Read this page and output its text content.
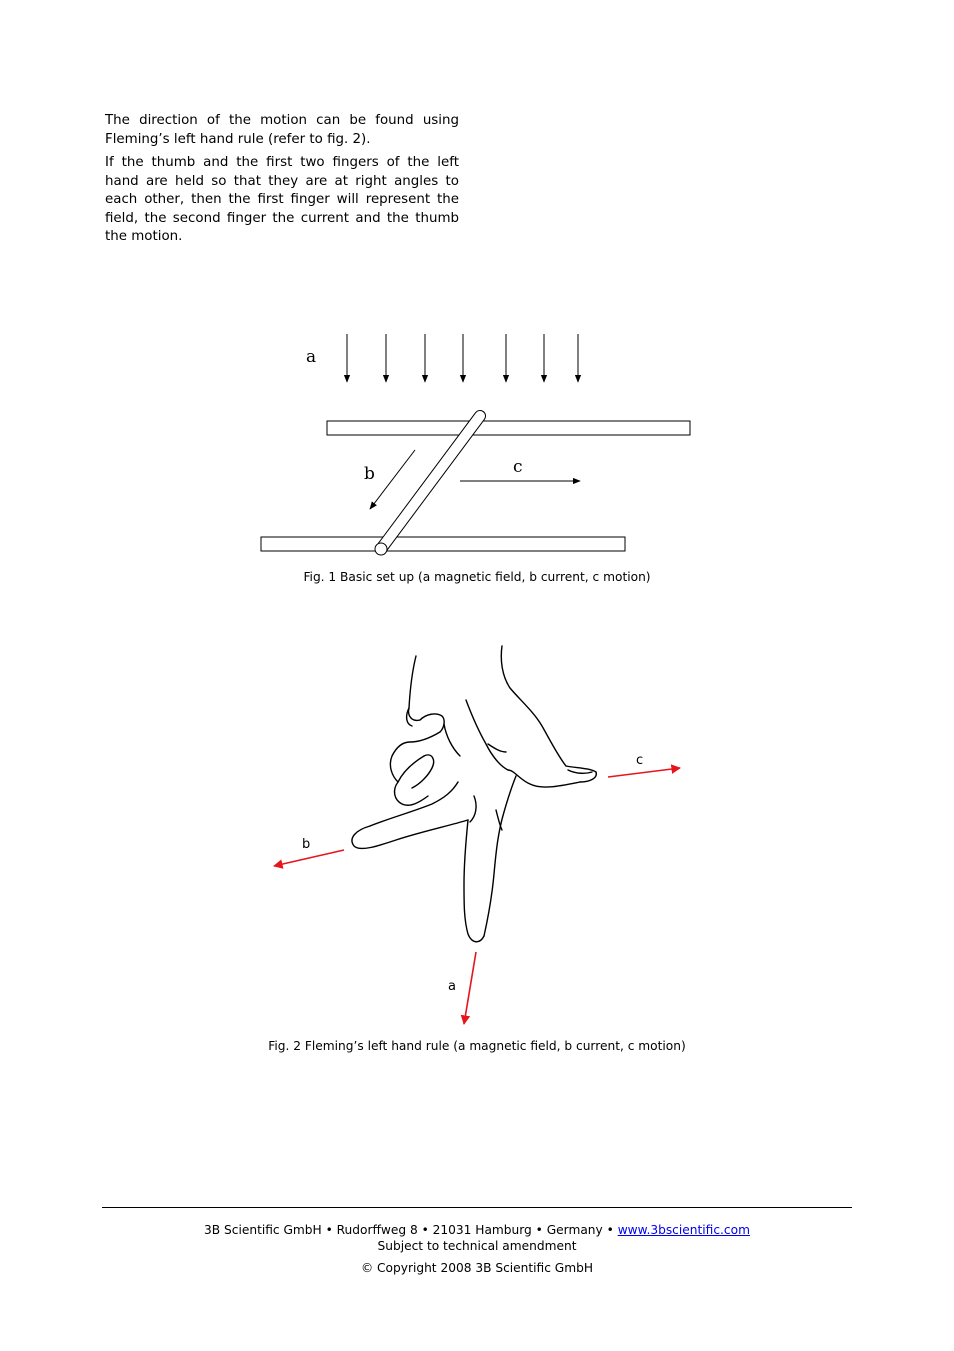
The direction of the motion can be found using Fleming’s left hand rule (refer to fig. 2).

If the thumb and the first two fingers of the left hand are held so that they are at right angles to each other, then the first finger will represent the field, the second finger the current and the thumb the motion.

a
b	c
Fig. 1 Basic set up (a magnetic field, b current, c motion)
a
b
c
Fig. 2 Fleming’s left hand rule (a magnetic field, b current, c motion)
3B Scientific GmbH • Rudorffweg 8 • 21031 Hamburg • Germany • www.3bscientific.com
Subject to technical amendment
© Copyright 2008 3B Scientific GmbH
